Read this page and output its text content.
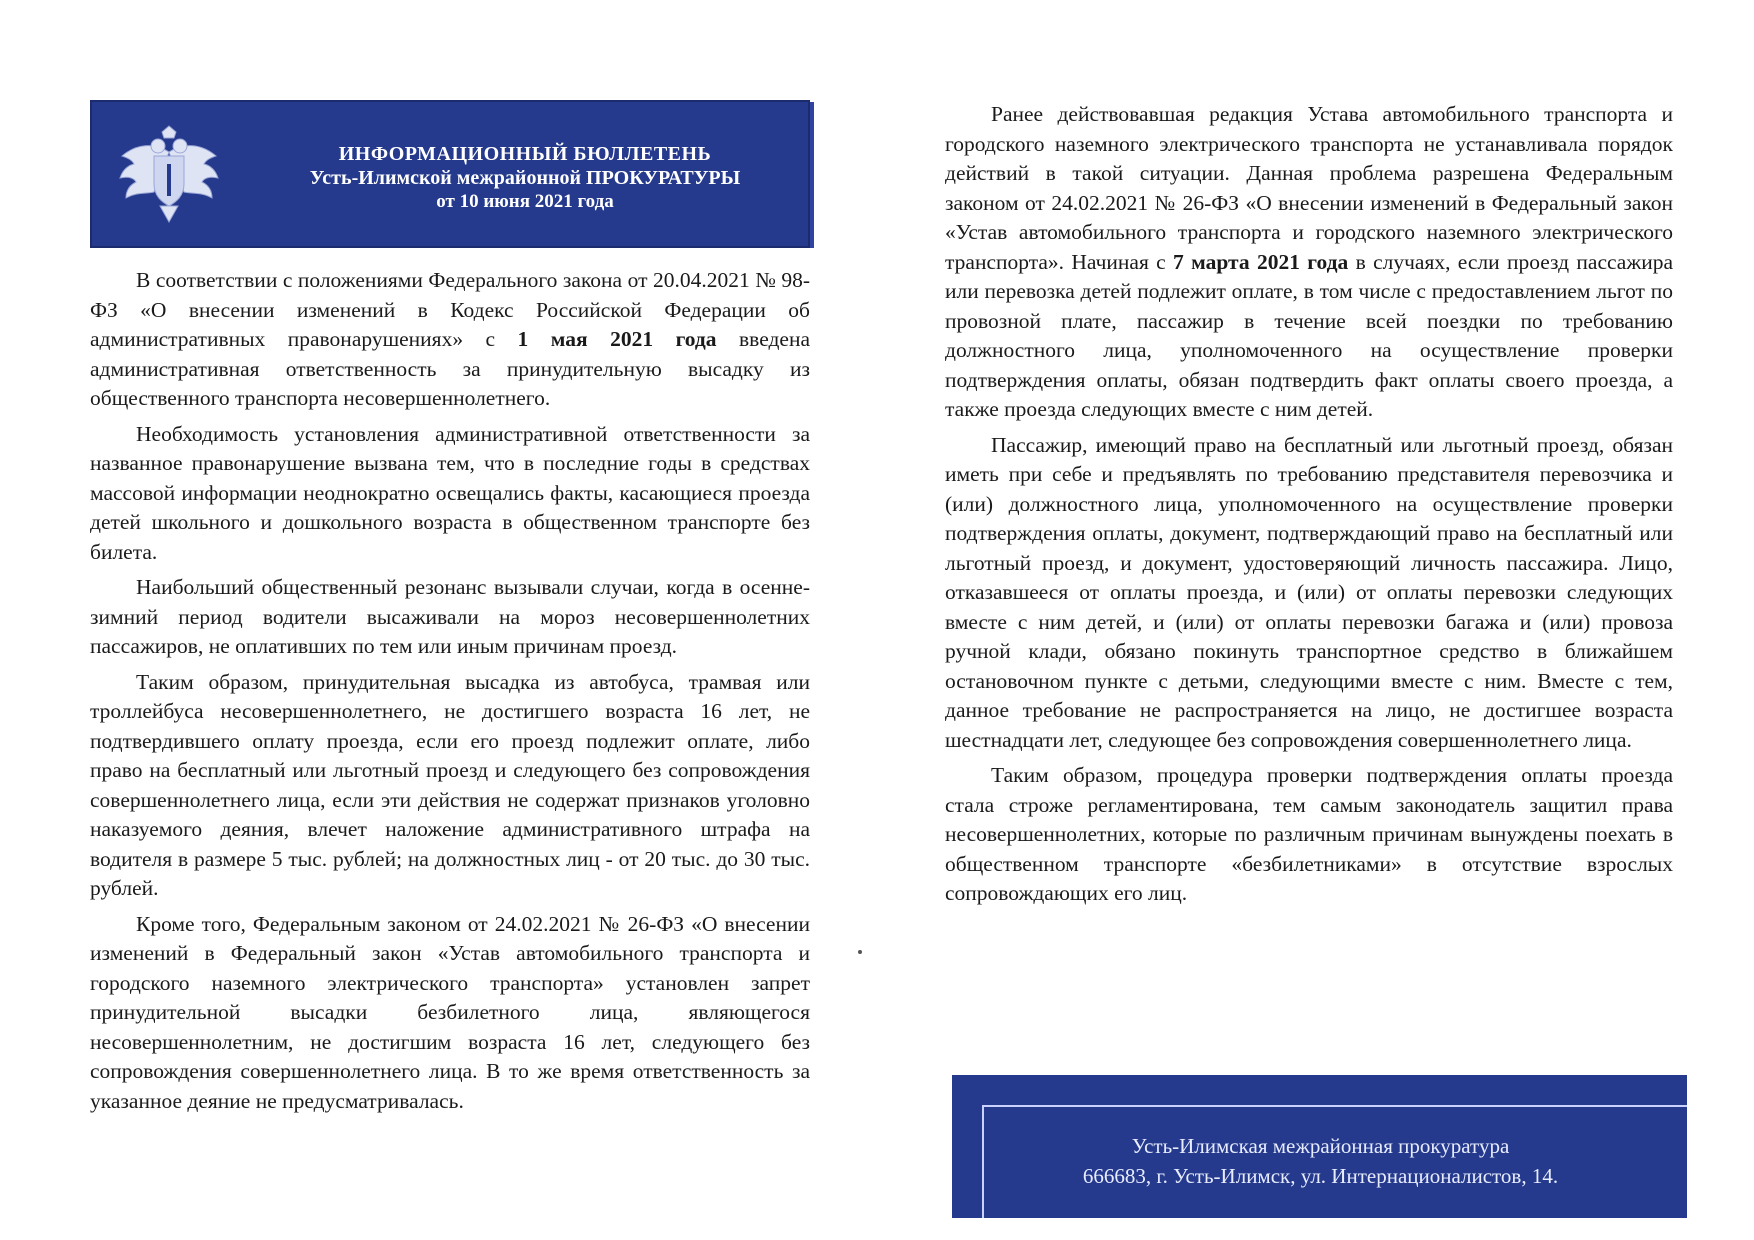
ИНФОРМАЦИОННЫЙ БЮЛЛЕТЕНЬ
Усть-Илимской межрайонной ПРОКУРАТУРЫ
от 10 июня 2021 года

В соответствии с положениями Федерального закона от 20.04.2021 № 98-ФЗ «О внесении изменений в Кодекс Российской Федерации об административных правонарушениях» с 1 мая 2021 года введена административная ответственность за принудительную высадку из общественного транспорта несовершеннолетнего.

Необходимость установления административной ответственности за названное правонарушение вызвана тем, что в последние годы в средствах массовой информации неоднократно освещались факты, касающиеся проезда детей школьного и дошкольного возраста в общественном транспорте без билета.

Наибольший общественный резонанс вызывали случаи, когда в осенне-зимний период водители высаживали на мороз несовершеннолетних пассажиров, не оплативших по тем или иным причинам проезд.

Таким образом, принудительная высадка из автобуса, трамвая или троллейбуса несовершеннолетнего, не достигшего возраста 16 лет, не подтвердившего оплату проезда, если его проезд подлежит оплате, либо право на бесплатный или льготный проезд и следующего без сопровождения совершеннолетнего лица, если эти действия не содержат признаков уголовно наказуемого деяния, влечет наложение административного штрафа на водителя в размере 5 тыс. рублей; на должностных лиц - от 20 тыс. до 30 тыс. рублей.

Кроме того, Федеральным законом от 24.02.2021 № 26-ФЗ «О внесении изменений в Федеральный закон «Устав автомобильного транспорта и городского наземного электрического транспорта» установлен запрет принудительной высадки безбилетного лица, являющегося несовершеннолетним, не достигшим возраста 16 лет, следующего без сопровождения совершеннолетнего лица. В то же время ответственность за указанное деяние не предусматривалась.

Ранее действовавшая редакция Устава автомобильного транспорта и городского наземного электрического транспорта не устанавливала порядок действий в такой ситуации. Данная проблема разрешена Федеральным законом от 24.02.2021 № 26-ФЗ «О внесении изменений в Федеральный закон «Устав автомобильного транспорта и городского наземного электрического транспорта». Начиная с 7 марта 2021 года в случаях, если проезд пассажира или перевозка детей подлежит оплате, в том числе с предоставлением льгот по провозной плате, пассажир в течение всей поездки по требованию должностного лица, уполномоченного на осуществление проверки подтверждения оплаты, обязан подтвердить факт оплаты своего проезда, а также проезда следующих вместе с ним детей.

Пассажир, имеющий право на бесплатный или льготный проезд, обязан иметь при себе и предъявлять по требованию представителя перевозчика и (или) должностного лица, уполномоченного на осуществление проверки подтверждения оплаты, документ, подтверждающий право на бесплатный или льготный проезд, и документ, удостоверяющий личность пассажира. Лицо, отказавшееся от оплаты проезда, и (или) от оплаты перевозки следующих вместе с ним детей, и (или) от оплаты перевозки багажа и (или) провоза ручной клади, обязано покинуть транспортное средство в ближайшем остановочном пункте с детьми, следующими вместе с ним. Вместе с тем, данное требование не распространяется на лицо, не достигшее возраста шестнадцати лет, следующее без сопровождения совершеннолетнего лица.

Таким образом, процедура проверки подтверждения оплаты проезда стала строже регламентирована, тем самым законодатель защитил права несовершеннолетних, которые по различным причинам вынуждены поехать в общественном транспорте «безбилетниками» в отсутствие взрослых сопровождающих его лиц.

Усть-Илимская межрайонная прокуратура
666683, г. Усть-Илимск, ул. Интернационалистов, 14.
